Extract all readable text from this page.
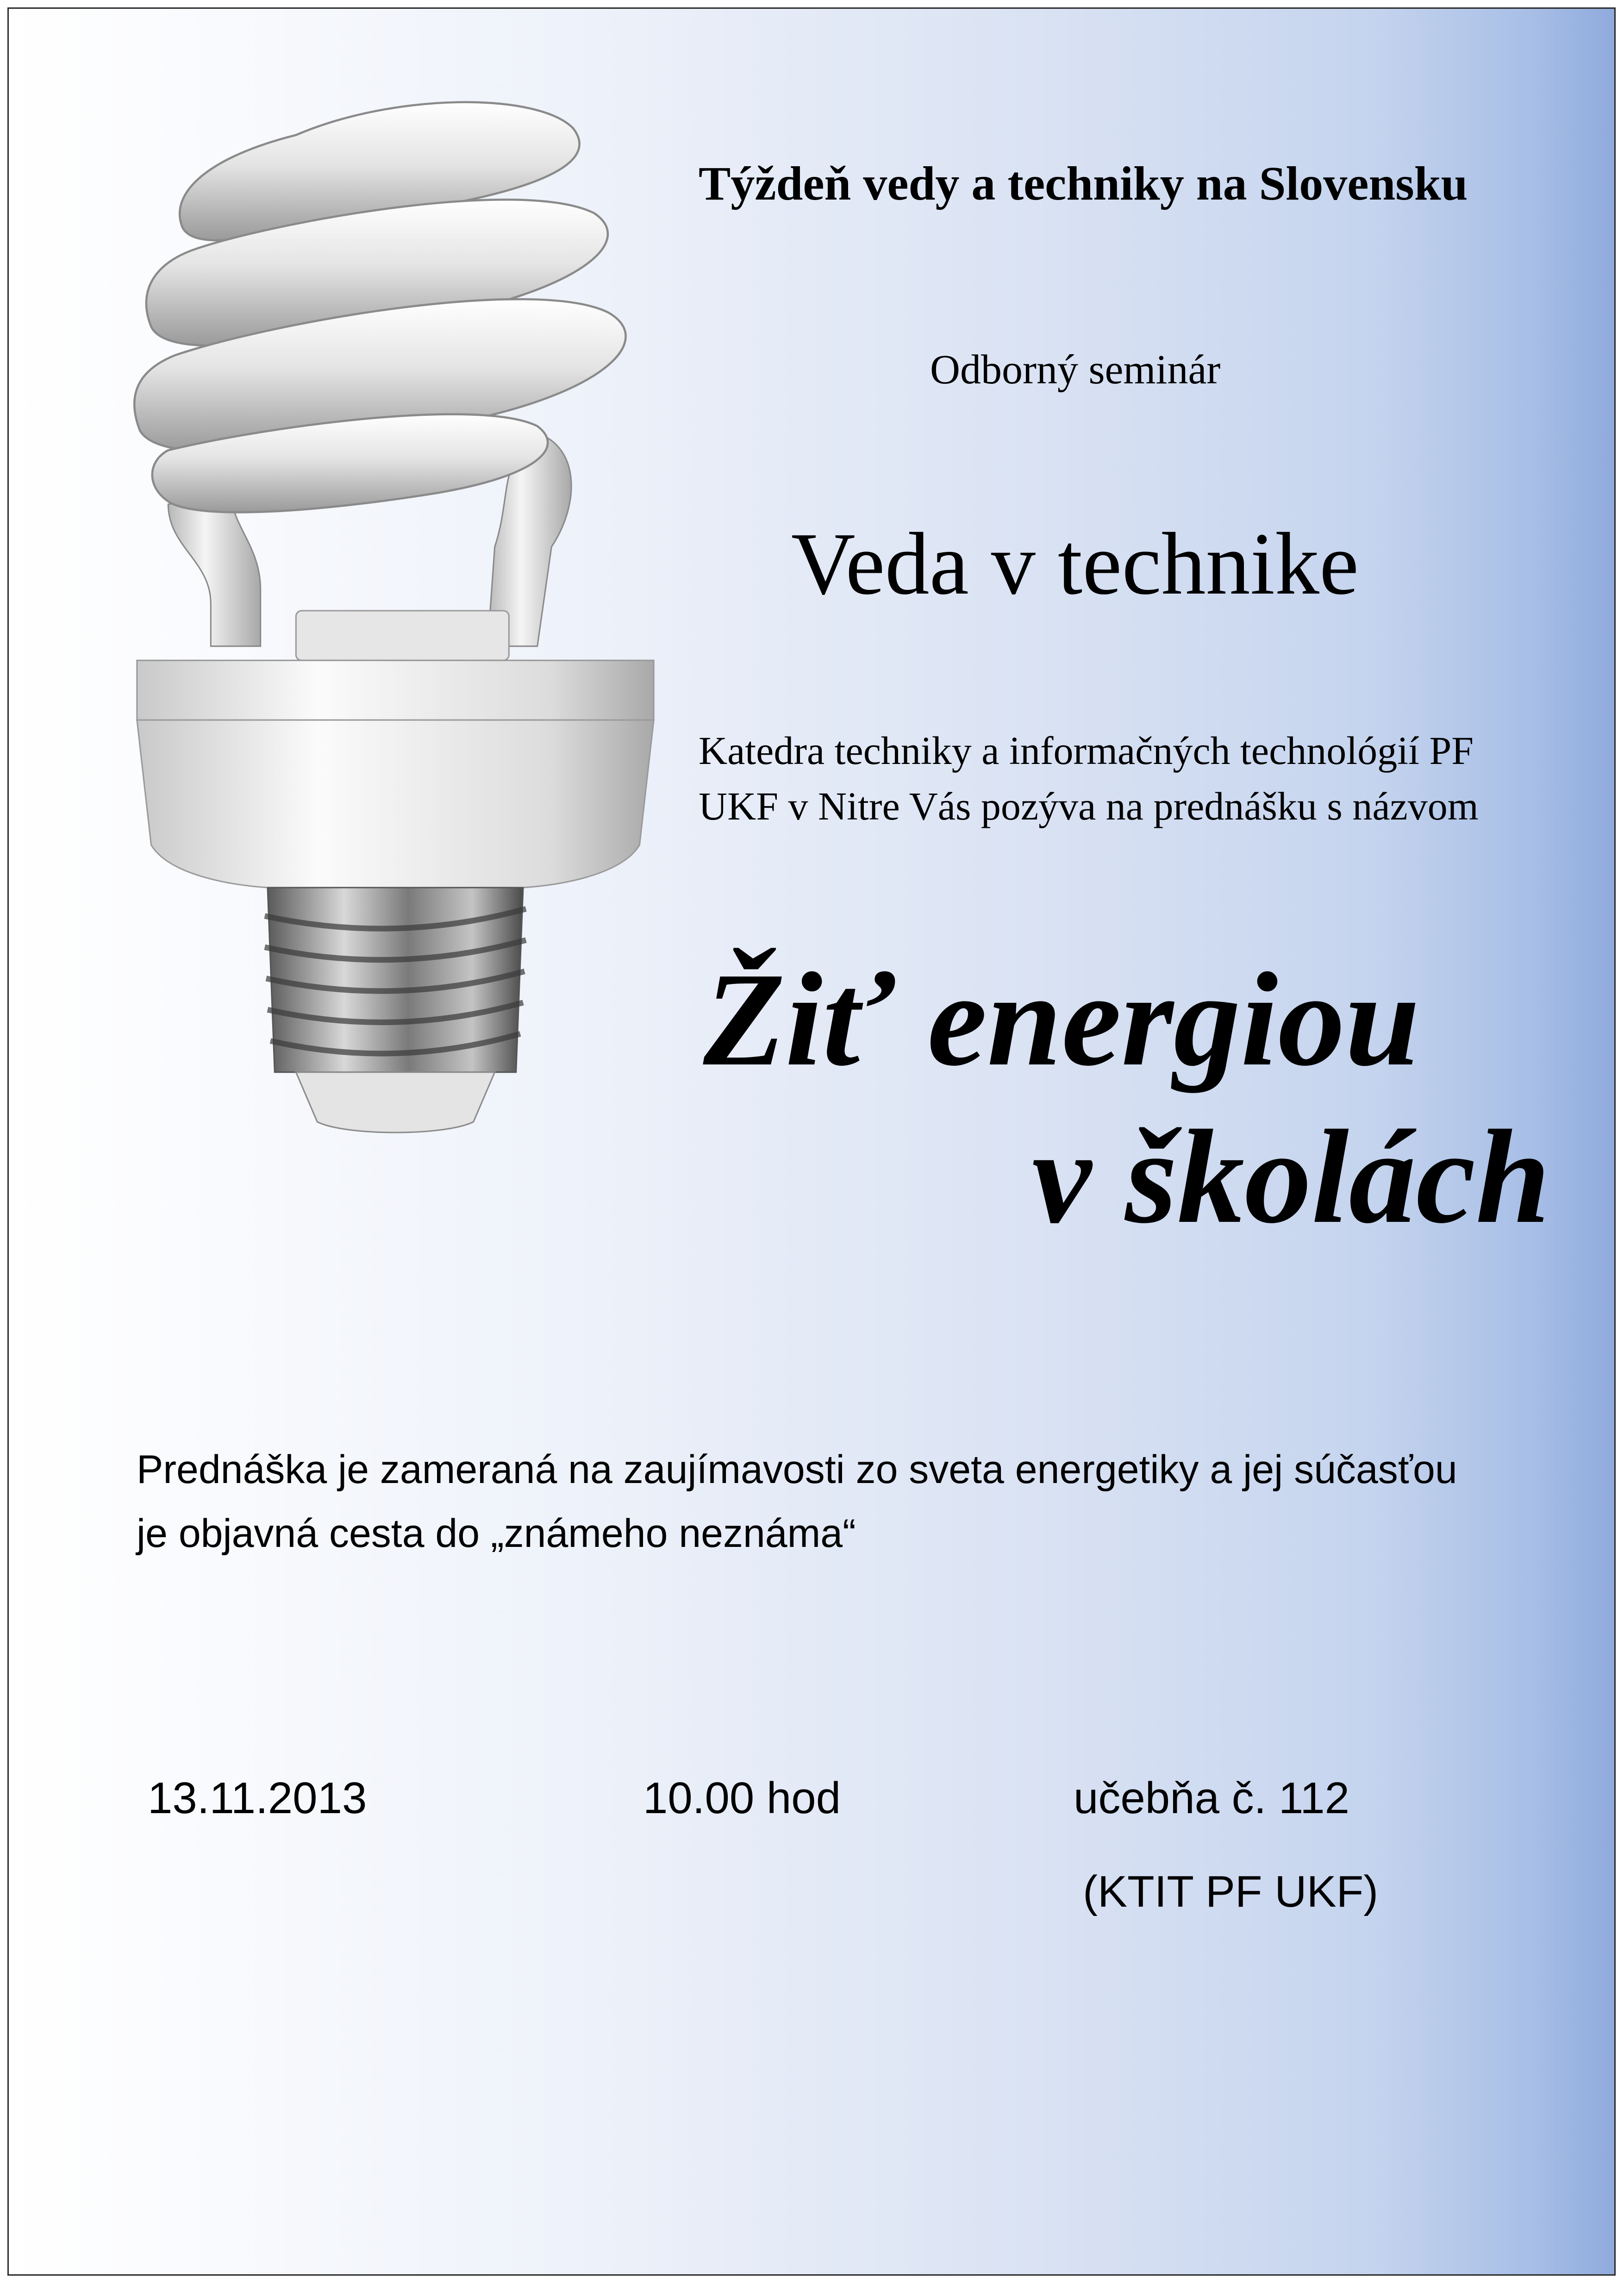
Týždeň vedy a techniky na Slovensku
Odborný seminár
Veda v technike
Katedra techniky a informačných technológií PF
UKF v Nitre Vás pozýva na prednášku s názvom
Žiť energiou
v školách
Prednáška je zameraná na zaujímavosti zo sveta energetiky a jej súčasťou
je objavná cesta do „známeho neznáma“
13.11.2013	10.00 hod	učebňa č. 112
(KTIT PF UKF)
